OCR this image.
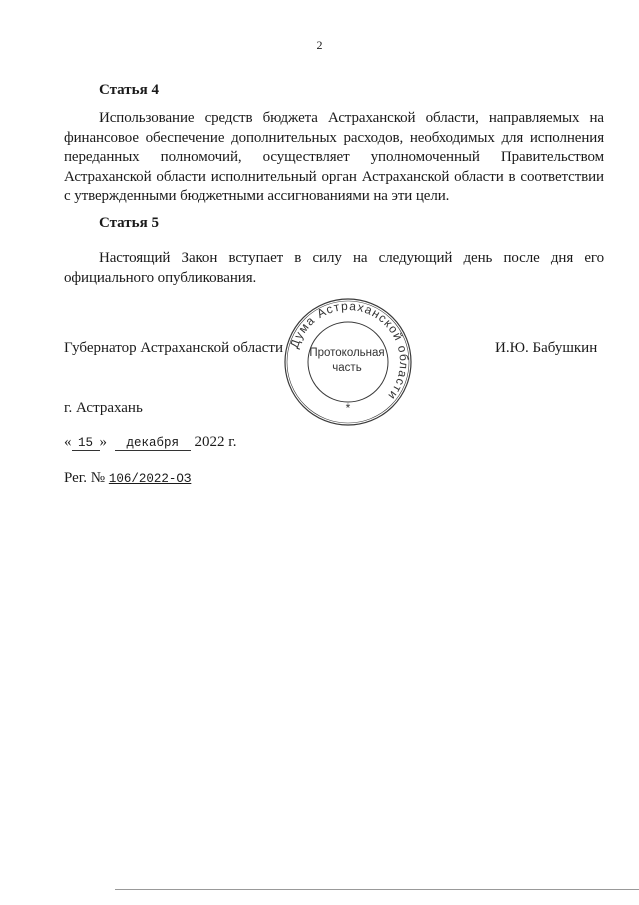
2
Статья 4
Использование средств бюджета Астраханской области, направляемых на финансовое обеспечение дополнительных расходов, необходимых для исполнения переданных полномочий, осуществляет уполномоченный Правительством Астраханской области исполнительный орган Астраханской области в соответствии с утвержденными бюджетными ассигнованиями на эти цели.
Статья 5
Настоящий Закон вступает в силу на следующий день после дня его официального опубликования.
Губернатор Астраханской области	И.Ю. Бабушкин
Дума Астраханской области
*
Протокольная
часть
г. Астрахань
« 15 » декабря 2022 г.
Рег. № 106/2022-ОЗ
